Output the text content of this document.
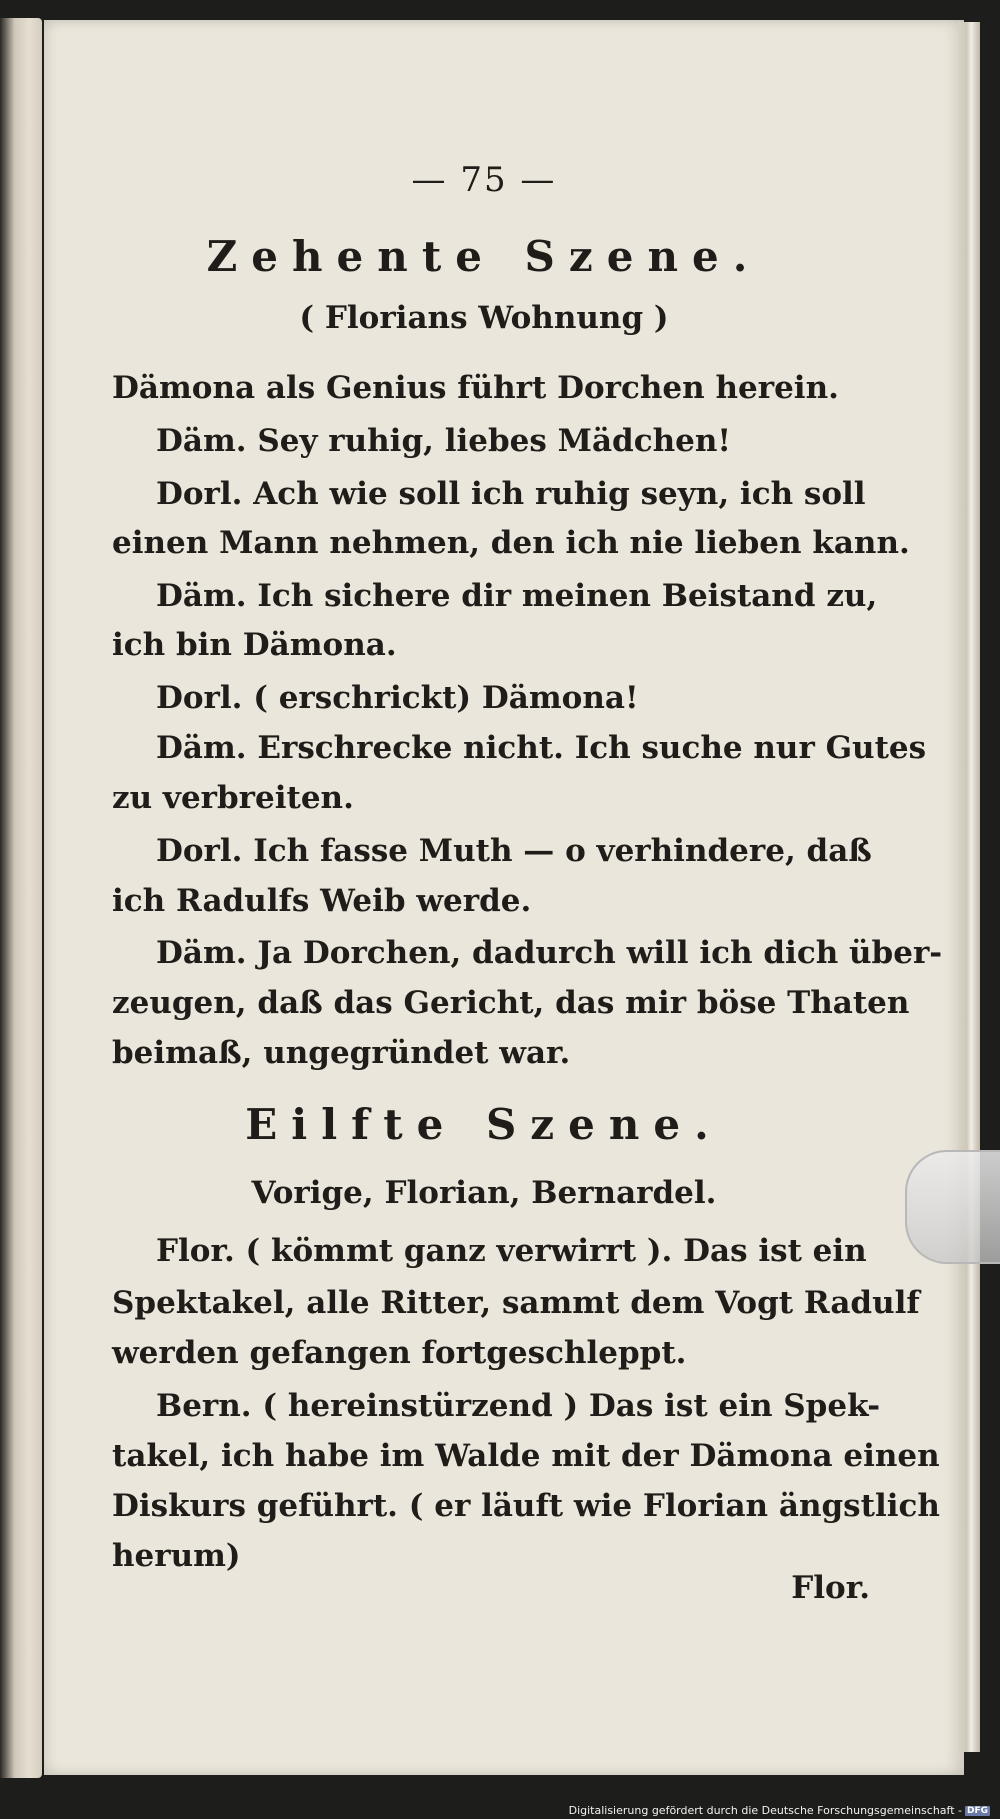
— 75 —
Zehente Szene.
( Florians Wohnung )
Dämona als Genius führt Dorchen herein.
Däm. Sey ruhig, liebes Mädchen!
Dorl. Ach wie soll ich ruhig seyn, ich soll
einen Mann nehmen, den ich nie lieben kann.
Däm. Ich sichere dir meinen Beistand zu,
ich bin Dämona.
Dorl. ( erschrickt) Dämona!
Däm. Erschrecke nicht. Ich suche nur Gutes
zu verbreiten.
Dorl. Ich fasse Muth — o verhindere, daß
ich Radulfs Weib werde.
Däm. Ja Dorchen, dadurch will ich dich über-
zeugen, daß das Gericht, das mir böse Thaten
beimaß, ungegründet war.
Eilfte Szene.
Vorige, Florian, Bernardel.
Flor. ( kömmt ganz verwirrt ). Das ist ein
Spektakel, alle Ritter, sammt dem Vogt Radulf
werden gefangen fortgeschleppt.
Bern. ( hereinstürzend ) Das ist ein Spek-
takel, ich habe im Walde mit der Dämona einen
Diskurs geführt. ( er läuft wie Florian ängstlich
herum)
Flor.
Digitalisierung gefördert durch die Deutsche Forschungsgemeinschaft - DFG
